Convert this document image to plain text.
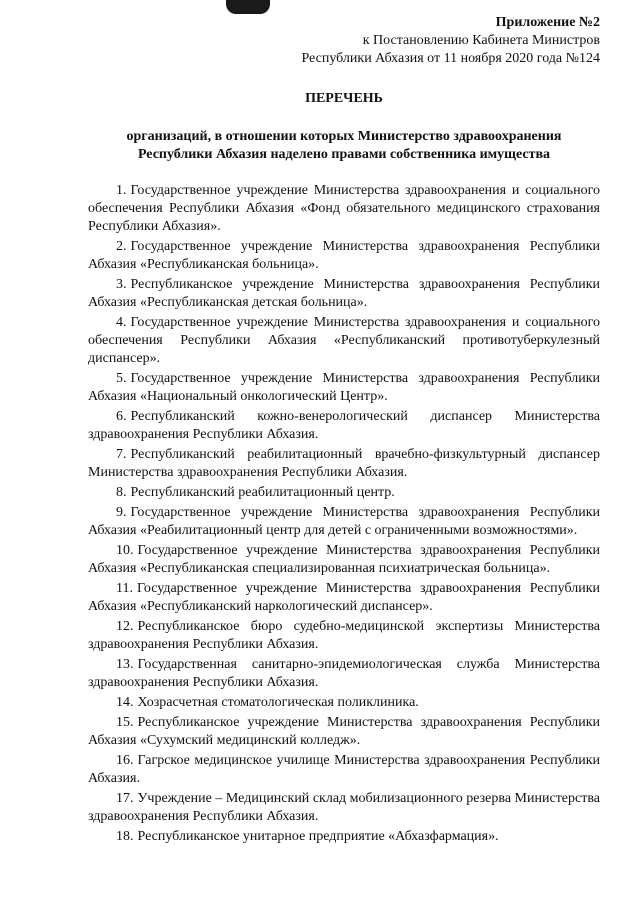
Приложение №2
к Постановлению Кабинета Министров
Республики Абхазия от 11 ноября 2020 года №124
ПЕРЕЧЕНЬ
организаций, в отношении которых Министерство здравоохранения
Республики Абхазия наделено правами собственника имущества

1. Государственное учреждение Министерства здравоохранения и социального обеспечения Республики Абхазия «Фонд обязательного медицинского страхования Республики Абхазия».

2. Государственное учреждение Министерства здравоохранения Республики Абхазия «Республиканская больница».

3. Республиканское учреждение Министерства здравоохранения Республики Абхазия «Республиканская детская больница».

4. Государственное учреждение Министерства здравоохранения и социального обеспечения Республики Абхазия «Республиканский противотуберкулезный диспансер».

5. Государственное учреждение Министерства здравоохранения Республики Абхазия «Национальный онкологический Центр».

6. Республиканский кожно-венерологический диспансер Министерства здравоохранения Республики Абхазия.

7. Республиканский реабилитационный врачебно-физкультурный диспансер Министерства здравоохранения Республики Абхазия.

8. Республиканский реабилитационный центр.

9. Государственное учреждение Министерства здравоохранения Республики Абхазия «Реабилитационный центр для детей с ограниченными возможностями».

10. Государственное учреждение Министерства здравоохранения Республики Абхазия «Республиканская специализированная психиатрическая больница».

11. Государственное учреждение Министерства здравоохранения Республики Абхазия «Республиканский наркологический диспансер».

12. Республиканское бюро судебно-медицинской экспертизы Министерства здравоохранения Республики Абхазия.

13. Государственная санитарно-эпидемиологическая служба Министерства здравоохранения Республики Абхазия.

14. Хозрасчетная стоматологическая поликлиника.

15. Республиканское учреждение Министерства здравоохранения Республики Абхазия «Сухумский медицинский колледж».

16. Гагрское медицинское училище Министерства здравоохранения Республики Абхазия.

17. Учреждение – Медицинский склад мобилизационного резерва Министерства здравоохранения Республики Абхазия.

18. Республиканское унитарное предприятие «Абхазфармация».
